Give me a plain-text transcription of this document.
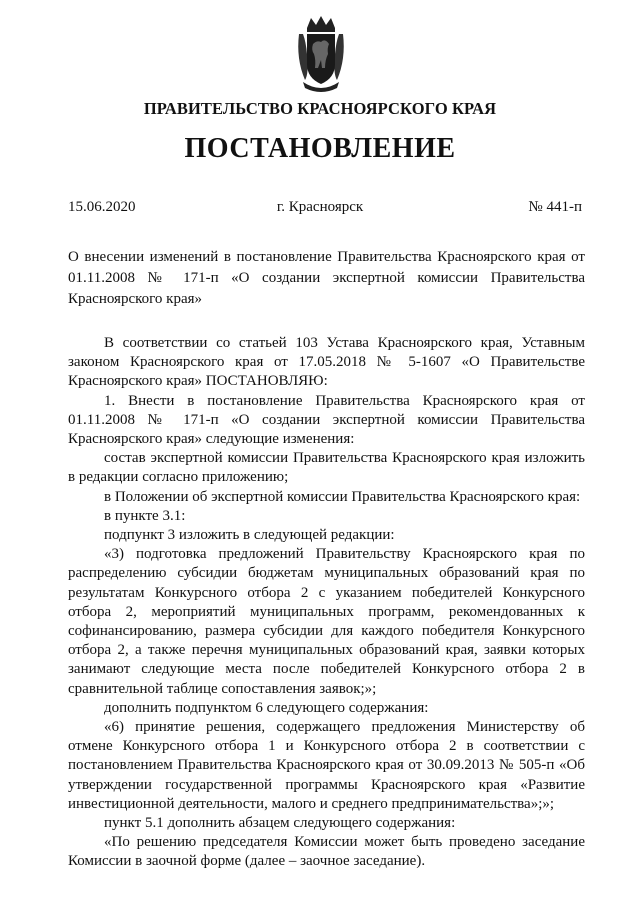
ПРАВИТЕЛЬСТВО КРАСНОЯРСКОГО КРАЯ
ПОСТАНОВЛЕНИЕ
15.06.2020	г. Красноярск	№ 441-п
О внесении изменений в постановление Правительства Красноярского края от 01.11.2008 № 171-п «О создании экспертной комиссии Правительства Красноярского края»

В соответствии со статьей 103 Устава Красноярского края, Уставным законом Красноярского края от 17.05.2018 № 5-1607 «О Правительстве Красноярского края» ПОСТАНОВЛЯЮ:

1. Внести в постановление Правительства Красноярского края от 01.11.2008 № 171-п «О создании экспертной комиссии Правительства Красноярского края» следующие изменения:

состав экспертной комиссии Правительства Красноярского края изложить в редакции согласно приложению;

в Положении об экспертной комиссии Правительства Красноярского края:

в пункте 3.1:

подпункт 3 изложить в следующей редакции:

«3) подготовка предложений Правительству Красноярского края по распределению субсидии бюджетам муниципальных образований края по результатам Конкурсного отбора 2 с указанием победителей Конкурсного отбора 2, мероприятий муниципальных программ, рекомендованных к софинансированию, размера субсидии для каждого победителя Конкурсного отбора 2, а также перечня муниципальных образований края, заявки которых занимают следующие места после победителей Конкурсного отбора 2 в сравнительной таблице сопоставления заявок;»;

дополнить подпунктом 6 следующего содержания:

«6) принятие решения, содержащего предложения Министерству об отмене Конкурсного отбора 1 и Конкурсного отбора 2 в соответствии с постановлением Правительства Красноярского края от 30.09.2013 № 505-п «Об утверждении государственной программы Красноярского края «Развитие инвестиционной деятельности, малого и среднего предпринимательства»;»;

пункт 5.1 дополнить абзацем следующего содержания:

«По решению председателя Комиссии может быть проведено заседание Комиссии в заочной форме (далее – заочное заседание).
